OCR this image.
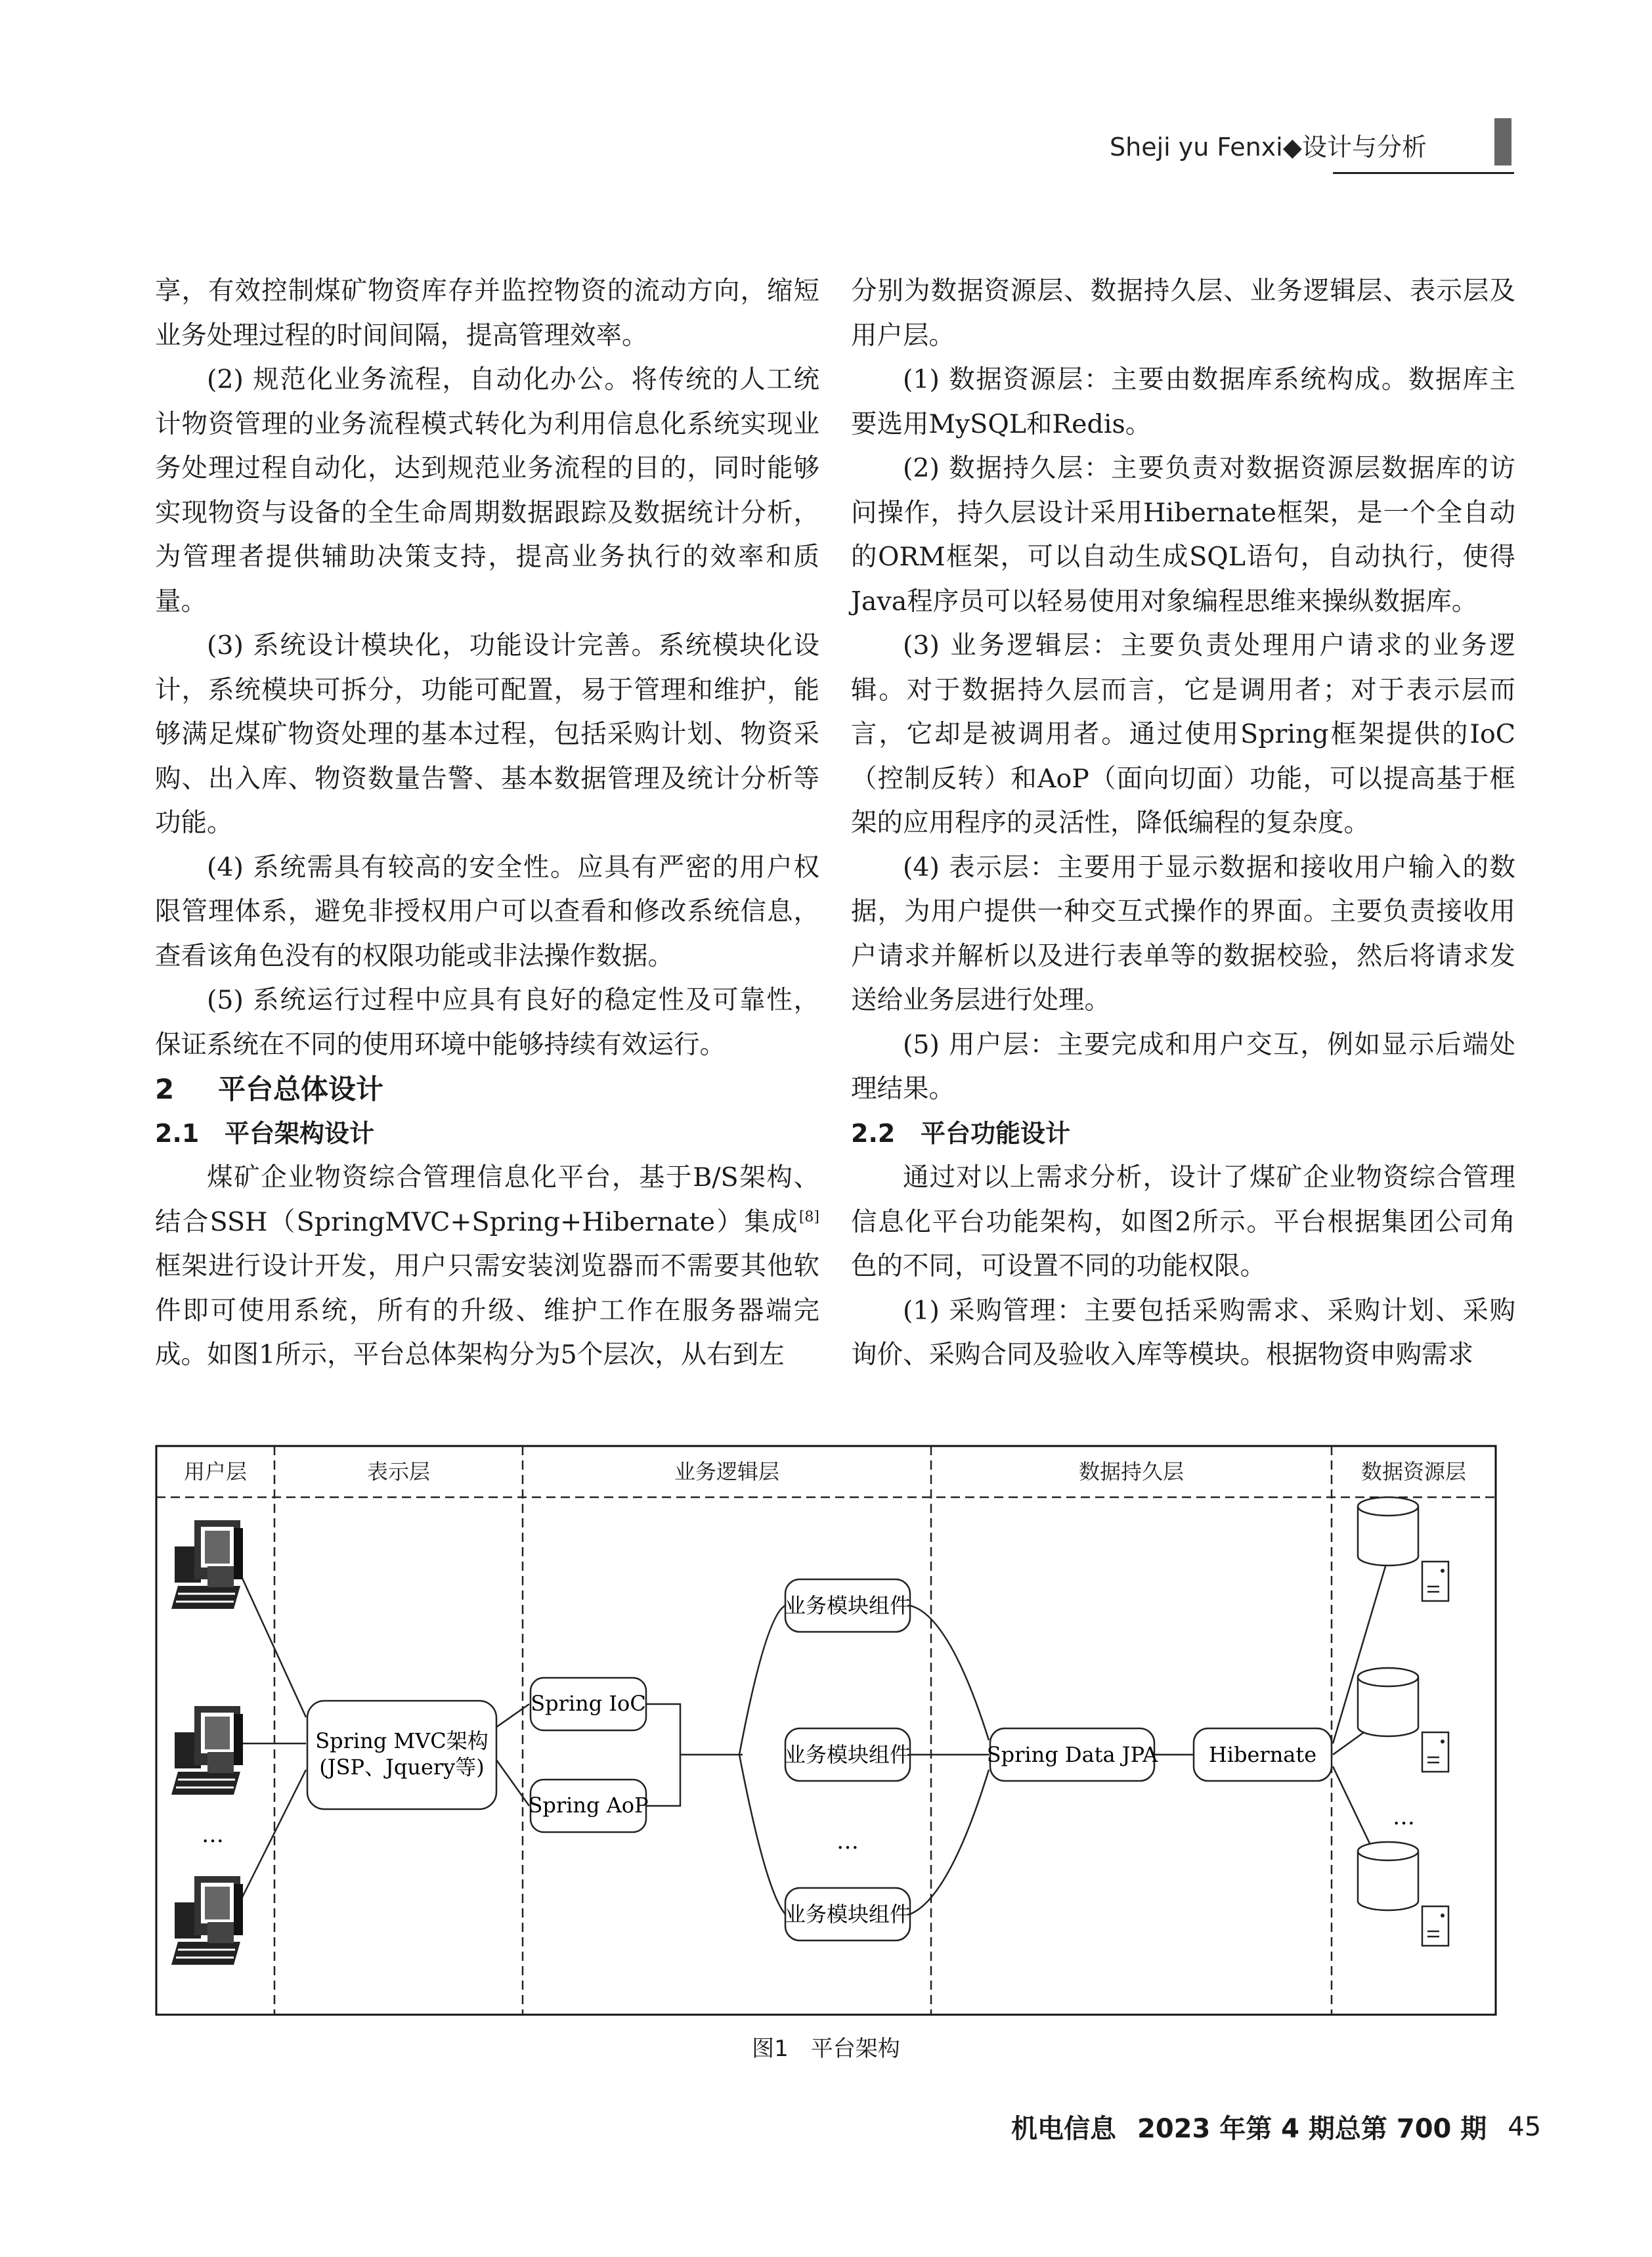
Sheji yu Fenxi◆设计与分析

享，有效控制煤矿物资库存并监控物资的流动方向，缩短业务处理过程的时间间隔，提高管理效率。

(2) 规范化业务流程，自动化办公。将传统的人工统计物资管理的业务流程模式转化为利用信息化系统实现业务处理过程自动化，达到规范业务流程的目的，同时能够实现物资与设备的全生命周期数据跟踪及数据统计分析，为管理者提供辅助决策支持，提高业务执行的效率和质量。

(3) 系统设计模块化，功能设计完善。系统模块化设计，系统模块可拆分，功能可配置，易于管理和维护，能够满足煤矿物资处理的基本过程，包括采购计划、物资采购、出入库、物资数量告警、基本数据管理及统计分析等功能。

(4) 系统需具有较高的安全性。应具有严密的用户权限管理体系，避免非授权用户可以查看和修改系统信息，查看该角色没有的权限功能或非法操作数据。

(5) 系统运行过程中应具有良好的稳定性及可靠性，保证系统在不同的使用环境中能够持续有效运行。

2 平台总体设计
2.1 平台架构设计

煤矿企业物资综合管理信息化平台，基于B/S架构、结合SSH（SpringMVC+Spring+Hibernate）集成[8]框架进行设计开发，用户只需安装浏览器而不需要其他软件即可使用系统，所有的升级、维护工作在服务器端完成。如图1所示，平台总体架构分为5个层次，从右到左

分别为数据资源层、数据持久层、业务逻辑层、表示层及用户层。

(1) 数据资源层：主要由数据库系统构成。数据库主要选用MySQL和Redis。

(2) 数据持久层：主要负责对数据资源层数据库的访问操作，持久层设计采用Hibernate框架，是一个全自动的ORM框架，可以自动生成SQL语句，自动执行，使得Java程序员可以轻易使用对象编程思维来操纵数据库。

(3) 业务逻辑层：主要负责处理用户请求的业务逻辑。对于数据持久层而言，它是调用者；对于表示层而言，它却是被调用者。通过使用Spring框架提供的IoC（控制反转）和AoP（面向切面）功能，可以提高基于框架的应用程序的灵活性，降低编程的复杂度。

(4) 表示层：主要用于显示数据和接收用户输入的数据，为用户提供一种交互式操作的界面。主要负责接收用户请求并解析以及进行表单等的数据校验，然后将请求发送给业务层进行处理。

(5) 用户层：主要完成和用户交互，例如显示后端处理结果。

2.2 平台功能设计

通过对以上需求分析，设计了煤矿企业物资综合管理信息化平台功能架构，如图2所示。平台根据集团公司角色的不同，可设置不同的功能权限。

(1) 采购管理：主要包括采购需求、采购计划、采购询价、采购合同及验收入库等模块。根据物资申购需求

用户层	表示层	业务逻辑层	数据持久层	数据资源层
…
Spring MVC架构
(JSP、Jquery等)
Spring IoC
Spring AoP
业务模块组件
业务模块组件
…
业务模块组件
Spring Data JPA Hibernate
…
图1　平台架构
机电信息 2023 年第 4 期总第 700 期 45
